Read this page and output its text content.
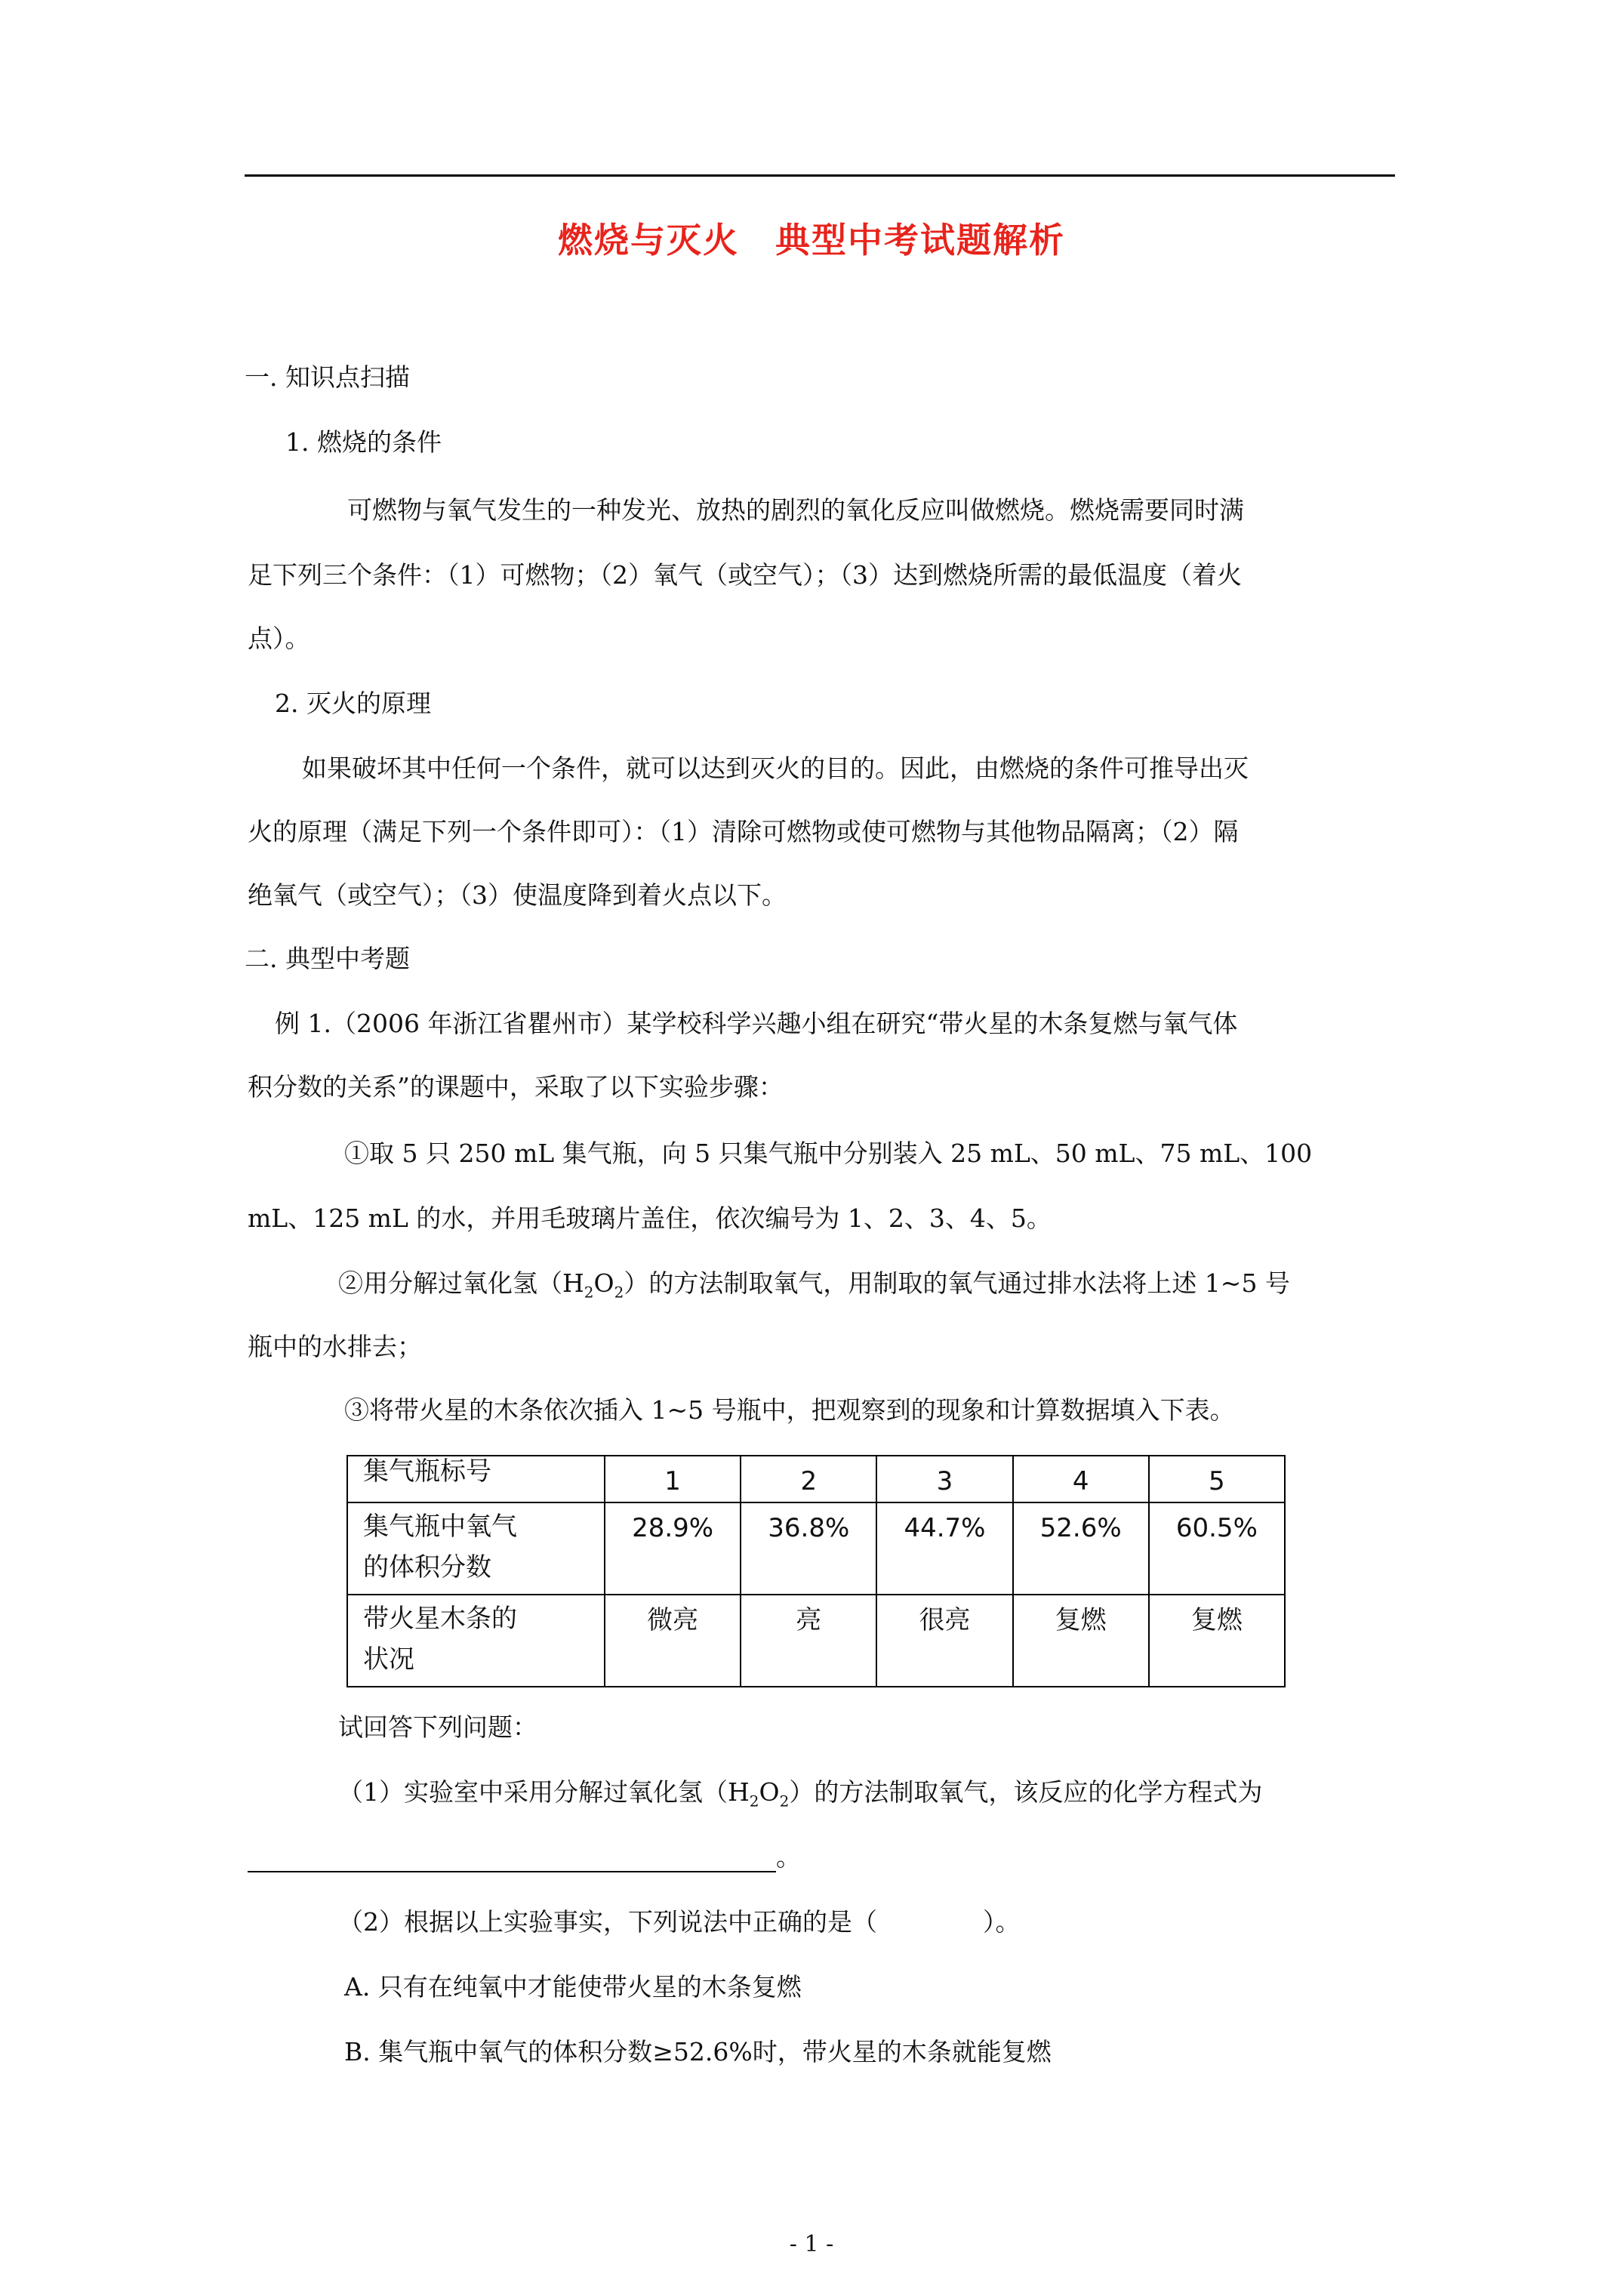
燃烧与灭火　典型中考试题解析
一. 知识点扫描
1. 燃烧的条件
可燃物与氧气发生的一种发光、放热的剧烈的氧化反应叫做燃烧。燃烧需要同时满
足下列三个条件：（1）可燃物；（2）氧气（或空气）；（3）达到燃烧所需的最低温度（着火
点）。
2. 灭火的原理
如果破坏其中任何一个条件，就可以达到灭火的目的。因此，由燃烧的条件可推导出灭
火的原理（满足下列一个条件即可）：（1）清除可燃物或使可燃物与其他物品隔离；（2）隔
绝氧气（或空气）；（3）使温度降到着火点以下。
二. 典型中考题
例 1.（2006 年浙江省瞿州市）某学校科学兴趣小组在研究“带火星的木条复燃与氧气体
积分数的关系”的课题中，采取了以下实验步骤：
①取 5 只 250 mL 集气瓶，向 5 只集气瓶中分别装入 25 mL、50 mL、75 mL、100
mL、125 mL 的水，并用毛玻璃片盖住，依次编号为 1、2、3、4、5。
②用分解过氧化氢$(H_2O_2)$的方法制取氧气，用制取的氧气通过排水法将上述 1~5 号
瓶中的水排去；
③将带火星的木条依次插入 1~5 号瓶中，把观察到的现象和计算数据填入下表。
集气瓶标号	1	2	3	4	5
集气瓶中氧气
的体积分数	28.9%	36.8%	44.7%	52.6%	60.5%
带火星木条的
状况	微亮	亮	很亮	复燃	复燃
试回答下列问题：
（1）实验室中采用分解过氧化氢$(H_2O_2)$的方法制取氧气，该反应的化学方程式为
。
（2）根据以上实验事实，下列说法中正确的是（	）。
A. 只有在纯氧中才能使带火星的木条复燃
B. 集气瓶中氧气的体积分数≥52.6%时，带火星的木条就能复燃
- 1 -
